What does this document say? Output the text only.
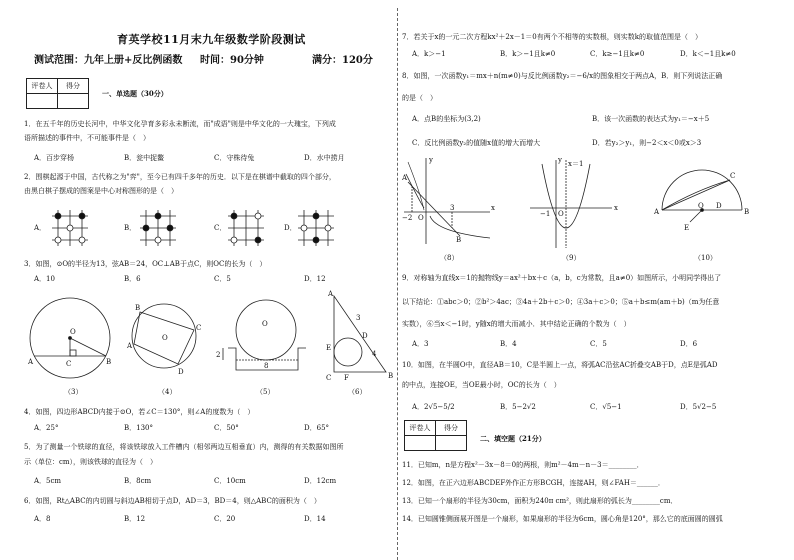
育英学校11月末九年级数学阶段测试
测试范围：九年上册+反比例函数 时间：90分钟	满分：120分
评卷人	得分

一、单选题（30分）
1．在五千年的历史长河中，中华文化孕育多彩永未断流，而"成语"则是中华文化的一大瑰宝，下列成
语所描述的事件中，不可能事件是（　）
A．百步穿杨	B．瓮中捉鳖	C．守株待兔	D．水中捞月
2．围棋起源于中国，古代称之为"弈"，至今已有四千多年的历史．以下是在棋谱中截取的四个部分，
由黑白棋子摆成的图案是中心对称图形的是（　）
A．	B．	C．	D．
3．如图，⊙O的半径为13，弦AB＝24，OC⊥AB于点C，则OC的长为（　）
A．10	B．6	C．5	D．12
O
A	B
C
O
A
B
C
D
O
2
8
A
B
C
D
E
F
3
4
（3）	（4）	（5）	（6）
4．如图，四边形ABCD内接于⊙O，若∠C＝130°，则∠A的度数为（　）
A．25°	B．130°	C．50°	D．65°
5．为了测量一个铁球的直径，将该铁球放入工件槽内（相邻两边互相垂直）内，测得的有关数据如图所
示（单位：cm），则该铁球的直径为（　）
A．5cm	B．8cm	C．10cm	D．12cm
6．如图，Rt△ABC的内切圆与斜边AB相切于点D，AD＝3，BD＝4，则△ABC的面积为（　）
A．8	B．12	C．20	D．14
7．若关于x的一元二次方程kx²＋2x－1＝0有两个不相等的实数根，则实数k的取值范围是（　）
A．k＞−1	B．k＞−1且k≠0	C．k≥−1且k≠0	D．k＜−1且k≠0
8．如图，一次函数y₁＝mx＋n(m≠0)与反比例函数y₂＝−6/x的图象相交于两点A，B．则下列说法正确
的是（　）
A．点B的坐标为(3,2)	B．该一次函数的表达式为y₁＝−x＋5
C．反比例函数y₂的值随x值的增大而增大	D．若y₂＞y₁，则−2＜x＜0或x＞3
y
x
A
B
−2 O
3
y
x
x＝1
−1 O	A	B
C
D
E
O
（8）	（9）	（10）
9．对称轴为直线x＝1的抛物线y＝ax²＋bx＋c（a，b，c为常数，且a≠0）如图所示，小明同学得出了
以下结论：①abc＞0；②b²＞4ac；③4a＋2b＋c＞0；④3a＋c＞0；⑤a＋b≤m(am＋b)（m为任意
实数），⑥当x＜−1时，y随x的增大而减小．其中结论正确的个数为（　）
A．3	B．4	C．5	D．6
10．如图，在半圆O中，直径AB＝10，C是半圆上一点，将弧AC沿弦AC折叠交AB于D，点E是弧AD
的中点，连接OE，当OE最小时，OC的长为（　）
A．2√5−5/2	B．5−2√2	C．√5−1	D．5√2−5
评卷人	得分

二、填空题（21分）
11．已知m，n是方程x²－3x－8＝0的两根，则m²－4m－n－3＝________．
12．如图，在正六边形ABCDEF外作正方形BCGH，连接AH，则∠FAH＝______．
13．已知一个扇形的半径为30cm，面积为240π cm²，则此扇形的弧长为________cm．
14．已知圆锥侧面展开图是一个扇形，如果扇形的半径为6cm，圆心角是120°，那么它的底面圆的圆弧
